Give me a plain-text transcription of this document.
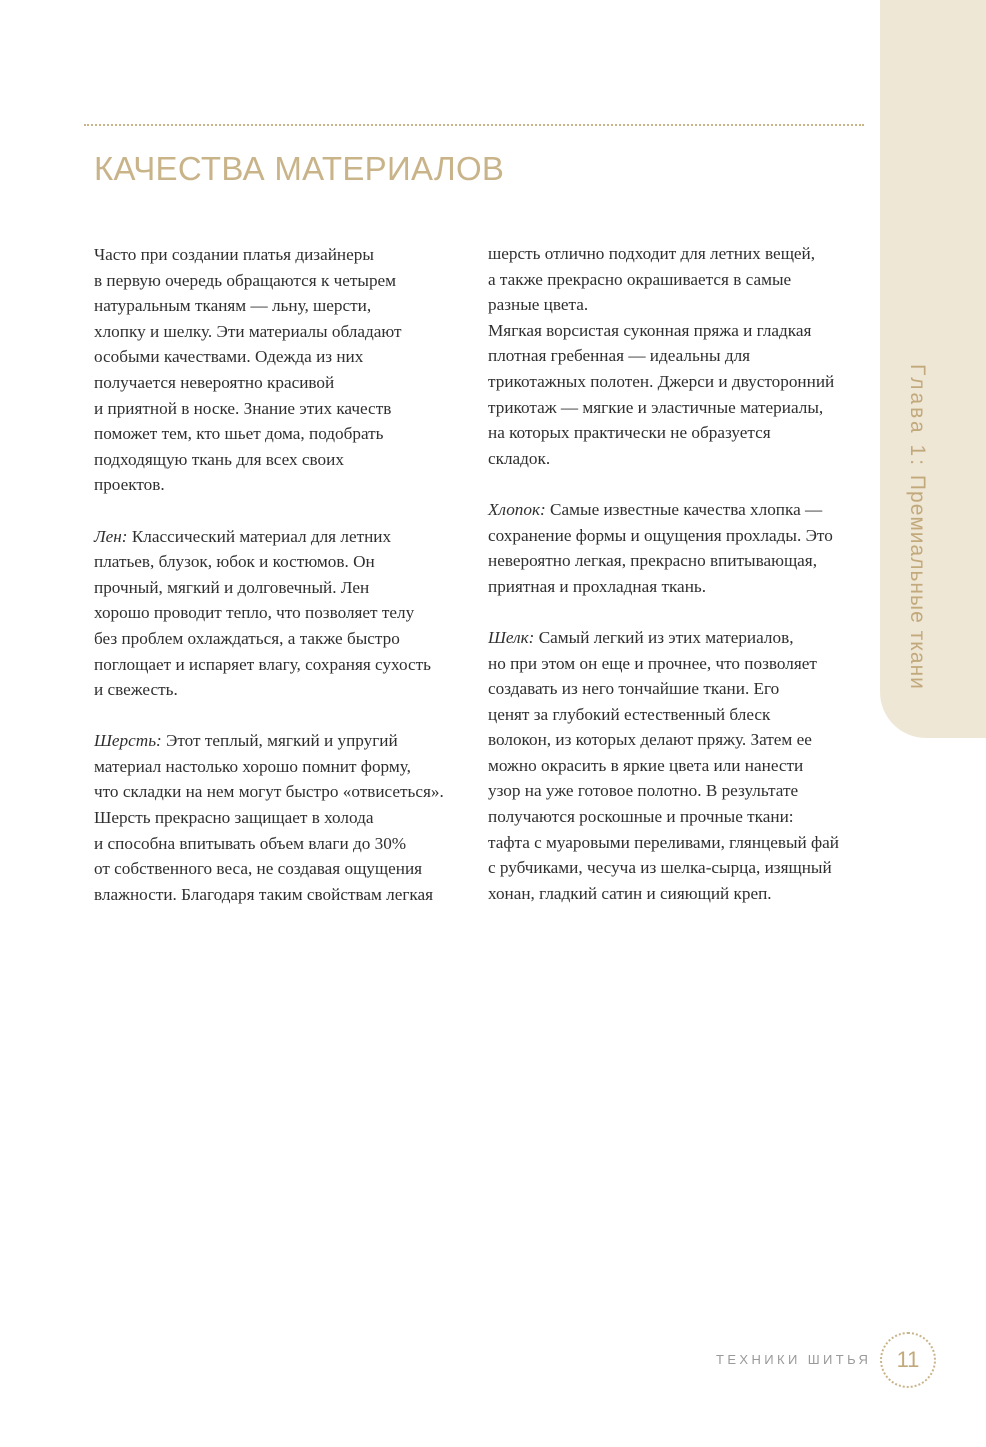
Глава 1: Премиальные ткани
КАЧЕСТВА МАТЕРИАЛОВ

Часто при создании платья дизайнеры
в первую очередь обращаются к четырем
натуральным тканям — льну, шерсти,
хлопку и шелку. Эти материалы обладают
особыми качествами. Одежда из них
получается невероятно красивой
и приятной в носке. Знание этих качеств
поможет тем, кто шьет дома, подобрать
подходящую ткань для всех своих
проектов.

Лен: Классический материал для летних
платьев, блузок, юбок и костюмов. Он
прочный, мягкий и долговечный. Лен
хорошо проводит тепло, что позволяет телу
без проблем охлаждаться, а также быстро
поглощает и испаряет влагу, сохраняя сухость
и свежесть.

Шерсть: Этот теплый, мягкий и упругий
материал настолько хорошо помнит форму,
что складки на нем могут быстро «отвисеться».
Шерсть прекрасно защищает в холода
и способна впитывать объем влаги до 30%
от собственного веса, не создавая ощущения
влажности. Благодаря таким свойствам легкая

шерсть отлично подходит для летних вещей,
а также прекрасно окрашивается в самые
разные цвета.
Мягкая ворсистая суконная пряжа и гладкая
плотная гребенная — идеальны для
трикотажных полотен. Джерси и двусторонний
трикотаж — мягкие и эластичные материалы,
на которых практически не образуется
складок.

Хлопок: Самые известные качества хлопка —
сохранение формы и ощущения прохлады. Это
невероятно легкая, прекрасно впитывающая,
приятная и прохладная ткань.

Шелк: Самый легкий из этих материалов,
но при этом он еще и прочнее, что позволяет
создавать из него тончайшие ткани. Его
ценят за глубокий естественный блеск
волокон, из которых делают пряжу. Затем ее
можно окрасить в яркие цвета или нанести
узор на уже готовое полотно. В результате
получаются роскошные и прочные ткани:
тафта с муаровыми переливами, глянцевый фай
с рубчиками, чесуча из шелка-сырца, изящный
хонан, гладкий сатин и сияющий креп.

ТЕХНИКИ ШИТЬЯ 11
